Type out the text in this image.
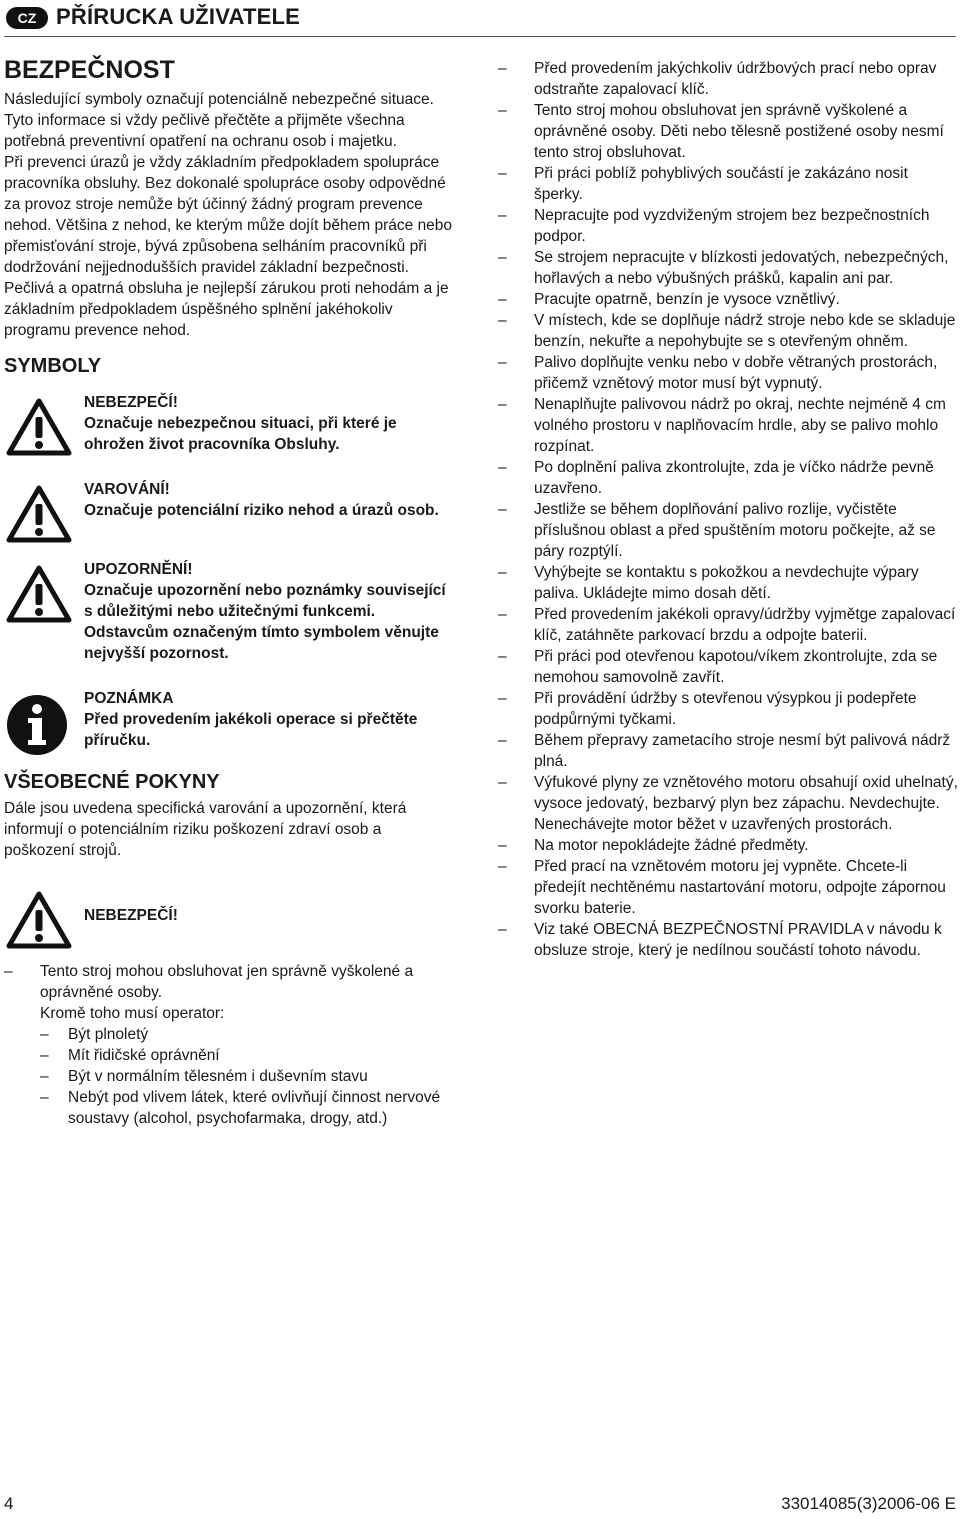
CZ PŘÍRUCKA UŽIVATELE
BEZPEČNOST

Následující symboly označují potenciálně nebezpečné situace. Tyto informace si vždy pečlivě přečtěte a přijměte všechna potřebná preventivní opatření na ochranu osob i majetku.

Při prevenci úrazů je vždy základním předpokladem spolupráce pracovníka obsluhy. Bez dokonalé spolupráce osoby odpovědné za provoz stroje nemůže být účinný žádný program prevence nehod. Většina z nehod, ke kterým může dojít během práce nebo přemisťování stroje, bývá způsobena selháním pracovníků při dodržování nejjednodušších pravidel základní bezpečnosti. Pečlivá a opatrná obsluha je nejlepší zárukou proti nehodám a je základním předpokladem úspěšného splnění jakéhokoliv programu prevence nehod.

SYMBOLY
NEBEZPEČÍ!
Označuje nebezpečnou situaci, při které je ohrožen život pracovníka Obsluhy.
VAROVÁNÍ!
Označuje potenciální riziko nehod a úrazů osob.
UPOZORNĚNÍ!
Označuje upozornění nebo poznámky související s důležitými nebo užitečnými funkcemi. Odstavcům označeným tímto symbolem věnujte nejvyšší pozornost.
POZNÁMKA
Před provedením jakékoli operace si přečtěte příručku.
VŠEOBECNÉ POKYNY

Dále jsou uvedena specifická varování a upozornění, která informují o potenciálním riziku poškození zdraví osob a poškození strojů.

NEBEZPEČÍ!
– Tento stroj mohou obsluhovat jen správně vyškolené a oprávněné osoby.
Kromě toho musí operator:
– Být plnoletý
– Mít řidičské oprávnění
– Být v normálním tělesném i duševním stavu
– Nebýt pod vlivem látek, které ovlivňují činnost nervové soustavy (alcohol, psychofarmaka, drogy, atd.)
– Před provedením jakýchkoliv údržbových prací nebo oprav odstraňte zapalovací klíč.
– Tento stroj mohou obsluhovat jen správně vyškolené a oprávněné osoby. Děti nebo tělesně postižené osoby nesmí tento stroj obsluhovat.
– Při práci poblíž pohyblivých součástí je zakázáno nosit šperky.
– Nepracujte pod vyzdviženým strojem bez bezpečnostních podpor.
– Se strojem nepracujte v blízkosti jedovatých, nebezpečných, hořlavých a nebo výbušných prášků, kapalin ani par.
– Pracujte opatrně, benzín je vysoce vznětlivý.
– V místech, kde se doplňuje nádrž stroje nebo kde se skladuje benzín, nekuřte a nepohybujte se s otevřeným ohněm.
– Palivo doplňujte venku nebo v dobře větraných prostorách, přičemž vznětový motor musí být vypnutý.
– Nenaplňujte palivovou nádrž po okraj, nechte nejméně 4 cm volného prostoru v naplňovacím hrdle, aby se palivo mohlo rozpínat.
– Po doplnění paliva zkontrolujte, zda je víčko nádrže pevně uzavřeno.
– Jestliže se během doplňování palivo rozlije, vyčistěte příslušnou oblast a před spuštěním motoru počkejte, až se páry rozptýlí.
– Vyhýbejte se kontaktu s pokožkou a nevdechujte výpary paliva. Ukládejte mimo dosah dětí.
– Před provedením jakékoli opravy/údržby vyjmětge zapalovací klíč, zatáhněte parkovací brzdu a odpojte baterii.
– Při práci pod otevřenou kapotou/víkem zkontrolujte, zda se nemohou samovolně zavřít.
– Při provádění údržby s otevřenou výsypkou ji podepřete podpůrnými tyčkami.
– Během přepravy zametacího stroje nesmí být palivová nádrž plná.
– Výfukové plyny ze vznětového motoru obsahují oxid uhelnatý, vysoce jedovatý, bezbarvý plyn bez zápachu. Nevdechujte. Nenechávejte motor běžet v uzavřených prostorách.
– Na motor nepokládejte žádné předměty.
– Před prací na vznětovém motoru jej vypněte. Chcete-li předejít nechtěnému nastartování motoru, odpojte zápornou svorku baterie.
– Viz také OBECNÁ BEZPEČNOSTNÍ PRAVIDLA v návodu k obsluze stroje, který je nedílnou součástí tohoto návodu.
4	33014085(3)2006-06 E
